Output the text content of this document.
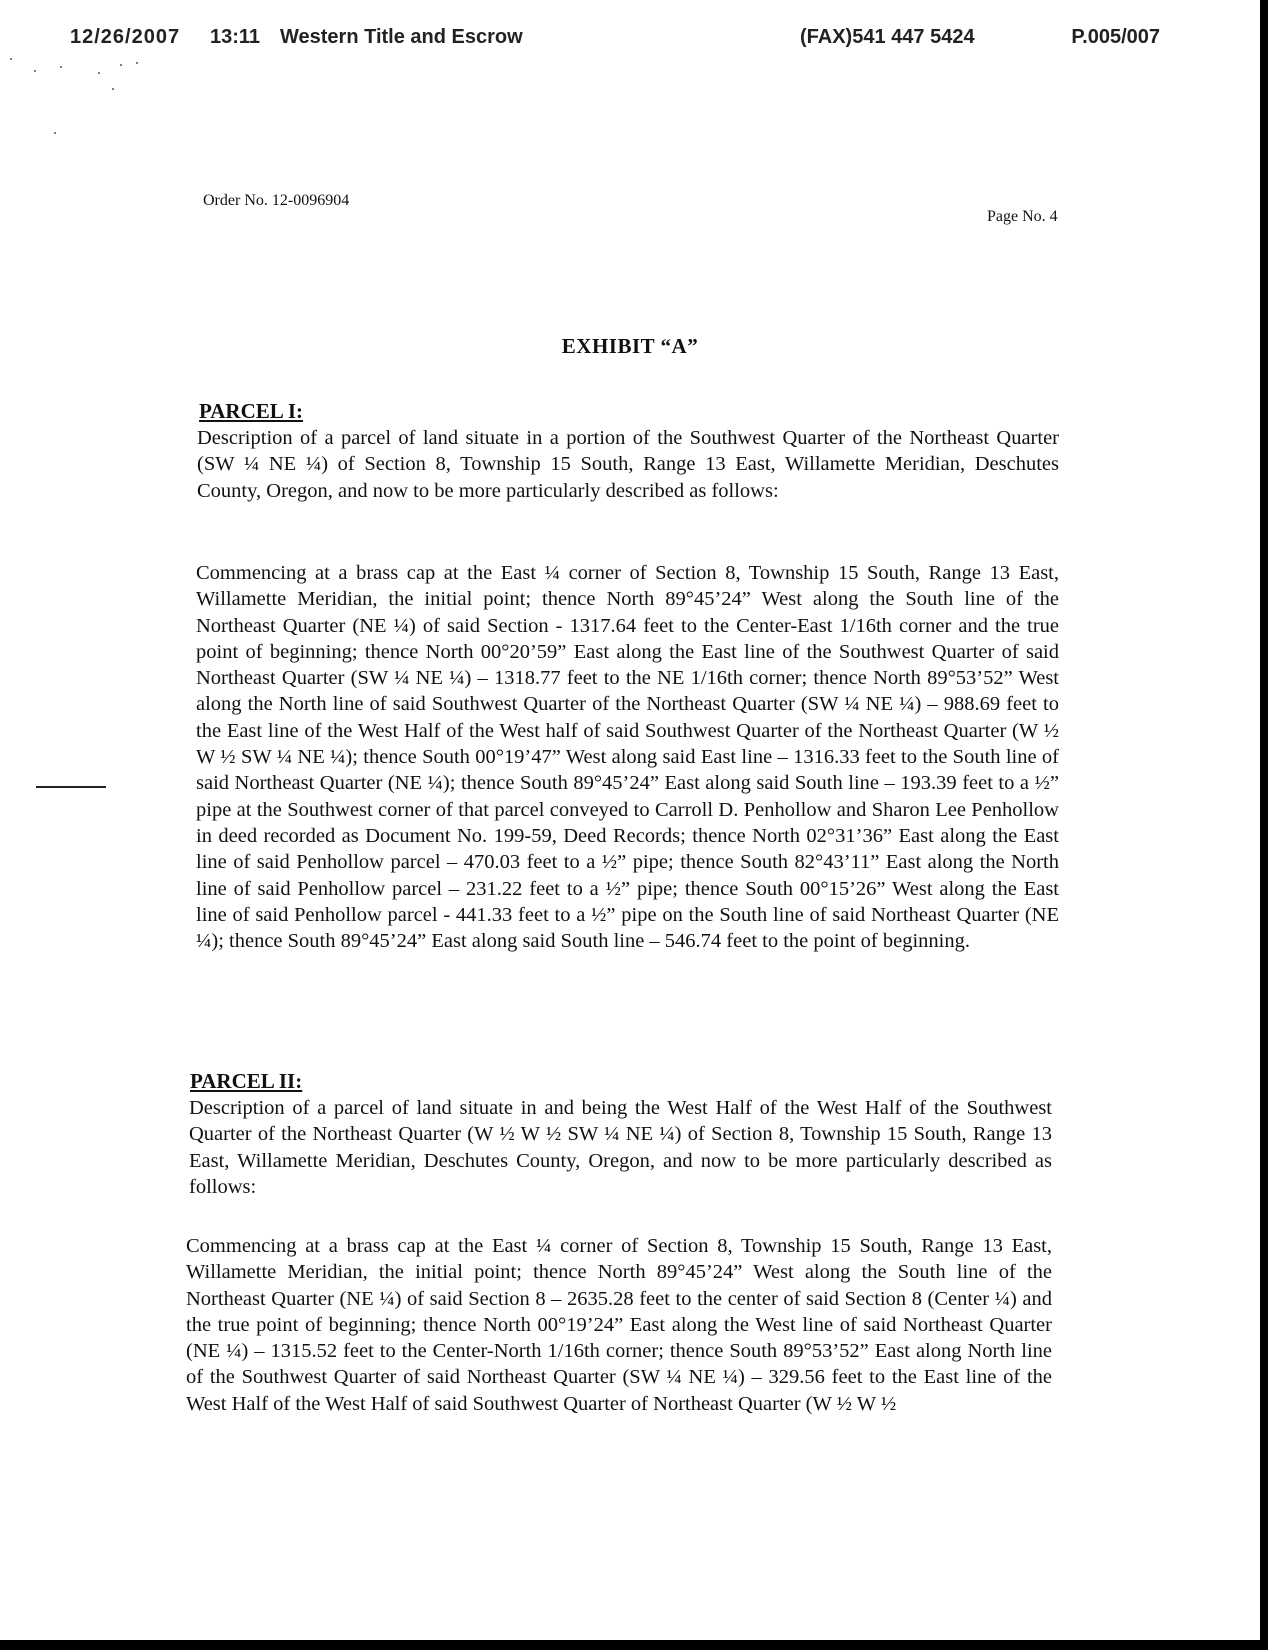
12/26/2007 13:11 Western Title and Escrow	(FAX)541 447 5424	P.005/007
Order No. 12-0096904
Page No. 4
EXHIBIT “A”
PARCEL I:
Description of a parcel of land situate in a portion of the Southwest Quarter of the Northeast Quarter (SW ¼ NE ¼) of Section 8, Township 15 South, Range 13 East, Willamette Meridian, Deschutes County, Oregon, and now to be more particularly described as follows:
Commencing at a brass cap at the East ¼ corner of Section 8, Township 15 South, Range 13 East, Willamette Meridian, the initial point; thence North 89°45’24” West along the South line of the Northeast Quarter (NE ¼) of said Section - 1317.64 feet to the Center-East 1/16th corner and the true point of beginning; thence North 00°20’59” East along the East line of the Southwest Quarter of said Northeast Quarter (SW ¼ NE ¼) – 1318.77 feet to the NE 1/16th corner; thence North 89°53’52” West along the North line of said Southwest Quarter of the Northeast Quarter (SW ¼ NE ¼) – 988.69 feet to the East line of the West Half of the West half of said Southwest Quarter of the Northeast Quarter (W ½ W ½ SW ¼ NE ¼); thence South 00°19’47” West along said East line – 1316.33 feet to the South line of said Northeast Quarter (NE ¼); thence South 89°45’24” East along said South line – 193.39 feet to a ½” pipe at the Southwest corner of that parcel conveyed to Carroll D. Penhollow and Sharon Lee Penhollow in deed recorded as Document No. 199-59, Deed Records; thence North 02°31’36” East along the East line of said Penhollow parcel – 470.03 feet to a ½” pipe; thence South 82°43’11” East along the North line of said Penhollow parcel – 231.22 feet to a ½” pipe; thence South 00°15’26” West along the East line of said Penhollow parcel - 441.33 feet to a ½” pipe on the South line of said Northeast Quarter (NE ¼); thence South 89°45’24” East along said South line – 546.74 feet to the point of beginning.
PARCEL II:
Description of a parcel of land situate in and being the West Half of the West Half of the Southwest Quarter of the Northeast Quarter (W ½ W ½ SW ¼ NE ¼) of Section 8, Township 15 South, Range 13 East, Willamette Meridian, Deschutes County, Oregon, and now to be more particularly described as follows:
Commencing at a brass cap at the East ¼ corner of Section 8, Township 15 South, Range 13 East, Willamette Meridian, the initial point; thence North 89°45’24” West along the South line of the Northeast Quarter (NE ¼) of said Section 8 – 2635.28 feet to the center of said Section 8 (Center ¼) and the true point of beginning; thence North 00°19’24” East along the West line of said Northeast Quarter (NE ¼) – 1315.52 feet to the Center-North 1/16th corner; thence South 89°53’52” East along North line of the Southwest Quarter of said Northeast Quarter (SW ¼ NE ¼) – 329.56 feet to the East line of the West Half of the West Half of said Southwest Quarter of Northeast Quarter (W ½ W ½
